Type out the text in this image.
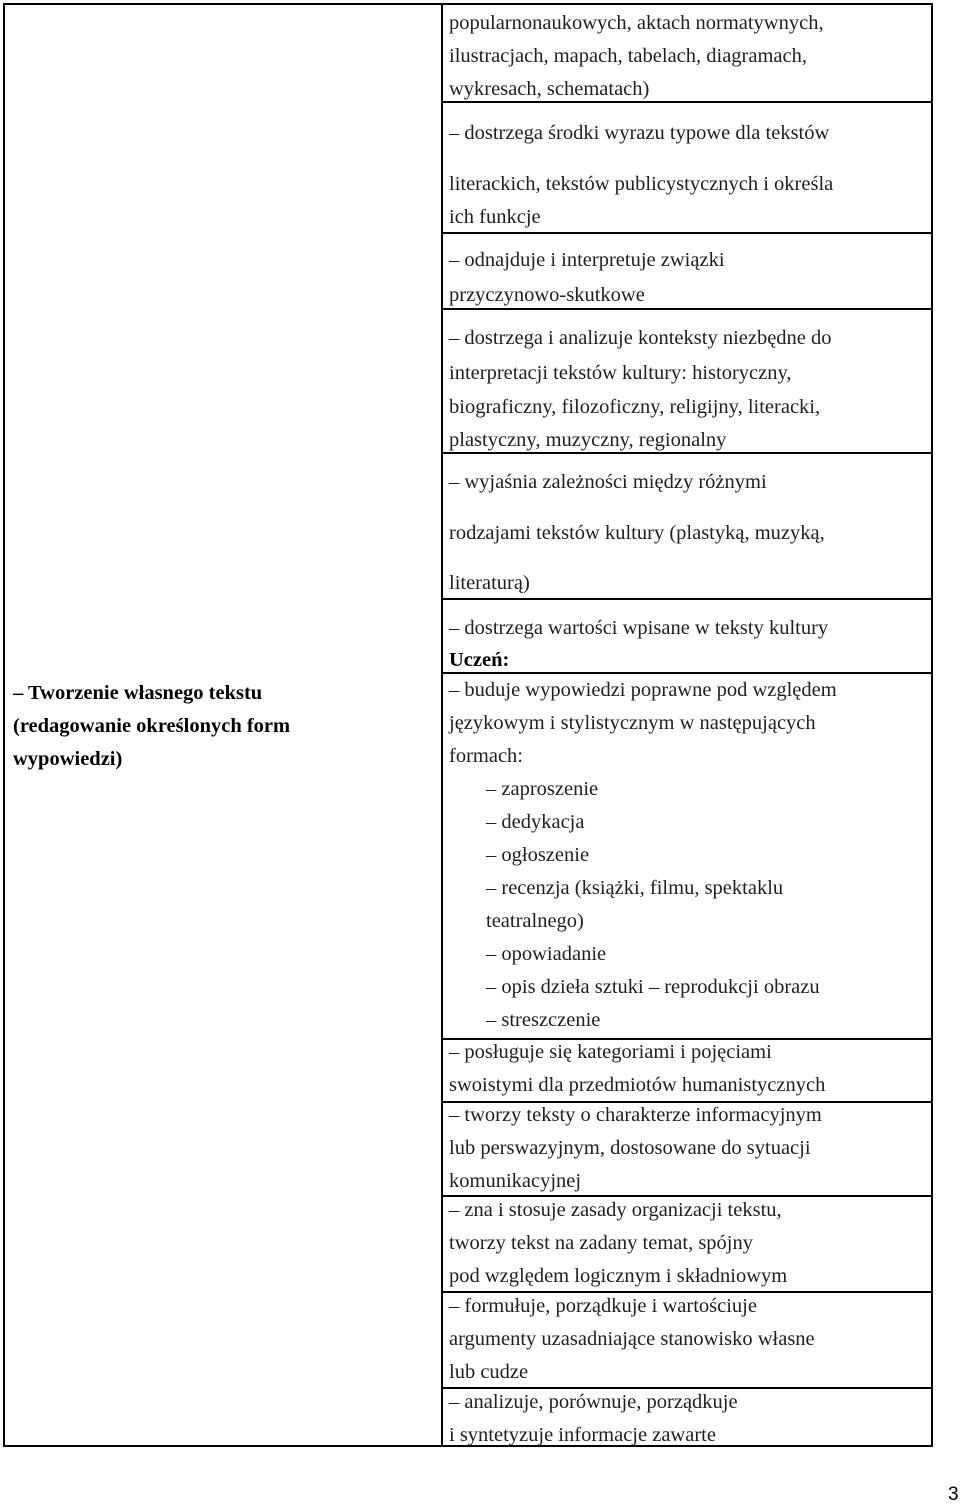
– Tworzenie własnego tekstu
(redagowanie określonych form
wypowiedzi)

popularnonaukowych, aktach normatywnych,
ilustracjach, mapach, tabelach, diagramach,
wykresach, schematach)
– dostrzega środki wyrazu typowe dla tekstów
literackich, tekstów publicystycznych i określa
ich funkcje
– odnajduje i interpretuje związki
przyczynowo-skutkowe
– dostrzega i analizuje konteksty niezbędne do
interpretacji tekstów kultury: historyczny,
biograficzny, filozoficzny, religijny, literacki,
plastyczny, muzyczny, regionalny
– wyjaśnia zależności między różnymi
rodzajami tekstów kultury (plastyką, muzyką,
literaturą)
– dostrzega wartości wpisane w teksty kultury
Uczeń:
– buduje wypowiedzi poprawne pod względem
językowym i stylistycznym w następujących
formach:
– zaproszenie
– dedykacja
– ogłoszenie
– recenzja (książki, filmu, spektaklu
teatralnego)
– opowiadanie
– opis dzieła sztuki – reprodukcji obrazu
– streszczenie
– posługuje się kategoriami i pojęciami
swoistymi dla przedmiotów humanistycznych
– tworzy teksty o charakterze informacyjnym
lub perswazyjnym, dostosowane do sytuacji
komunikacyjnej
– zna i stosuje zasady organizacji tekstu,
tworzy tekst na zadany temat, spójny
pod względem logicznym i składniowym
– formułuje, porządkuje i wartościuje
argumenty uzasadniające stanowisko własne
lub cudze
– analizuje, porównuje, porządkuje
i syntetyzuje informacje zawarte
3
